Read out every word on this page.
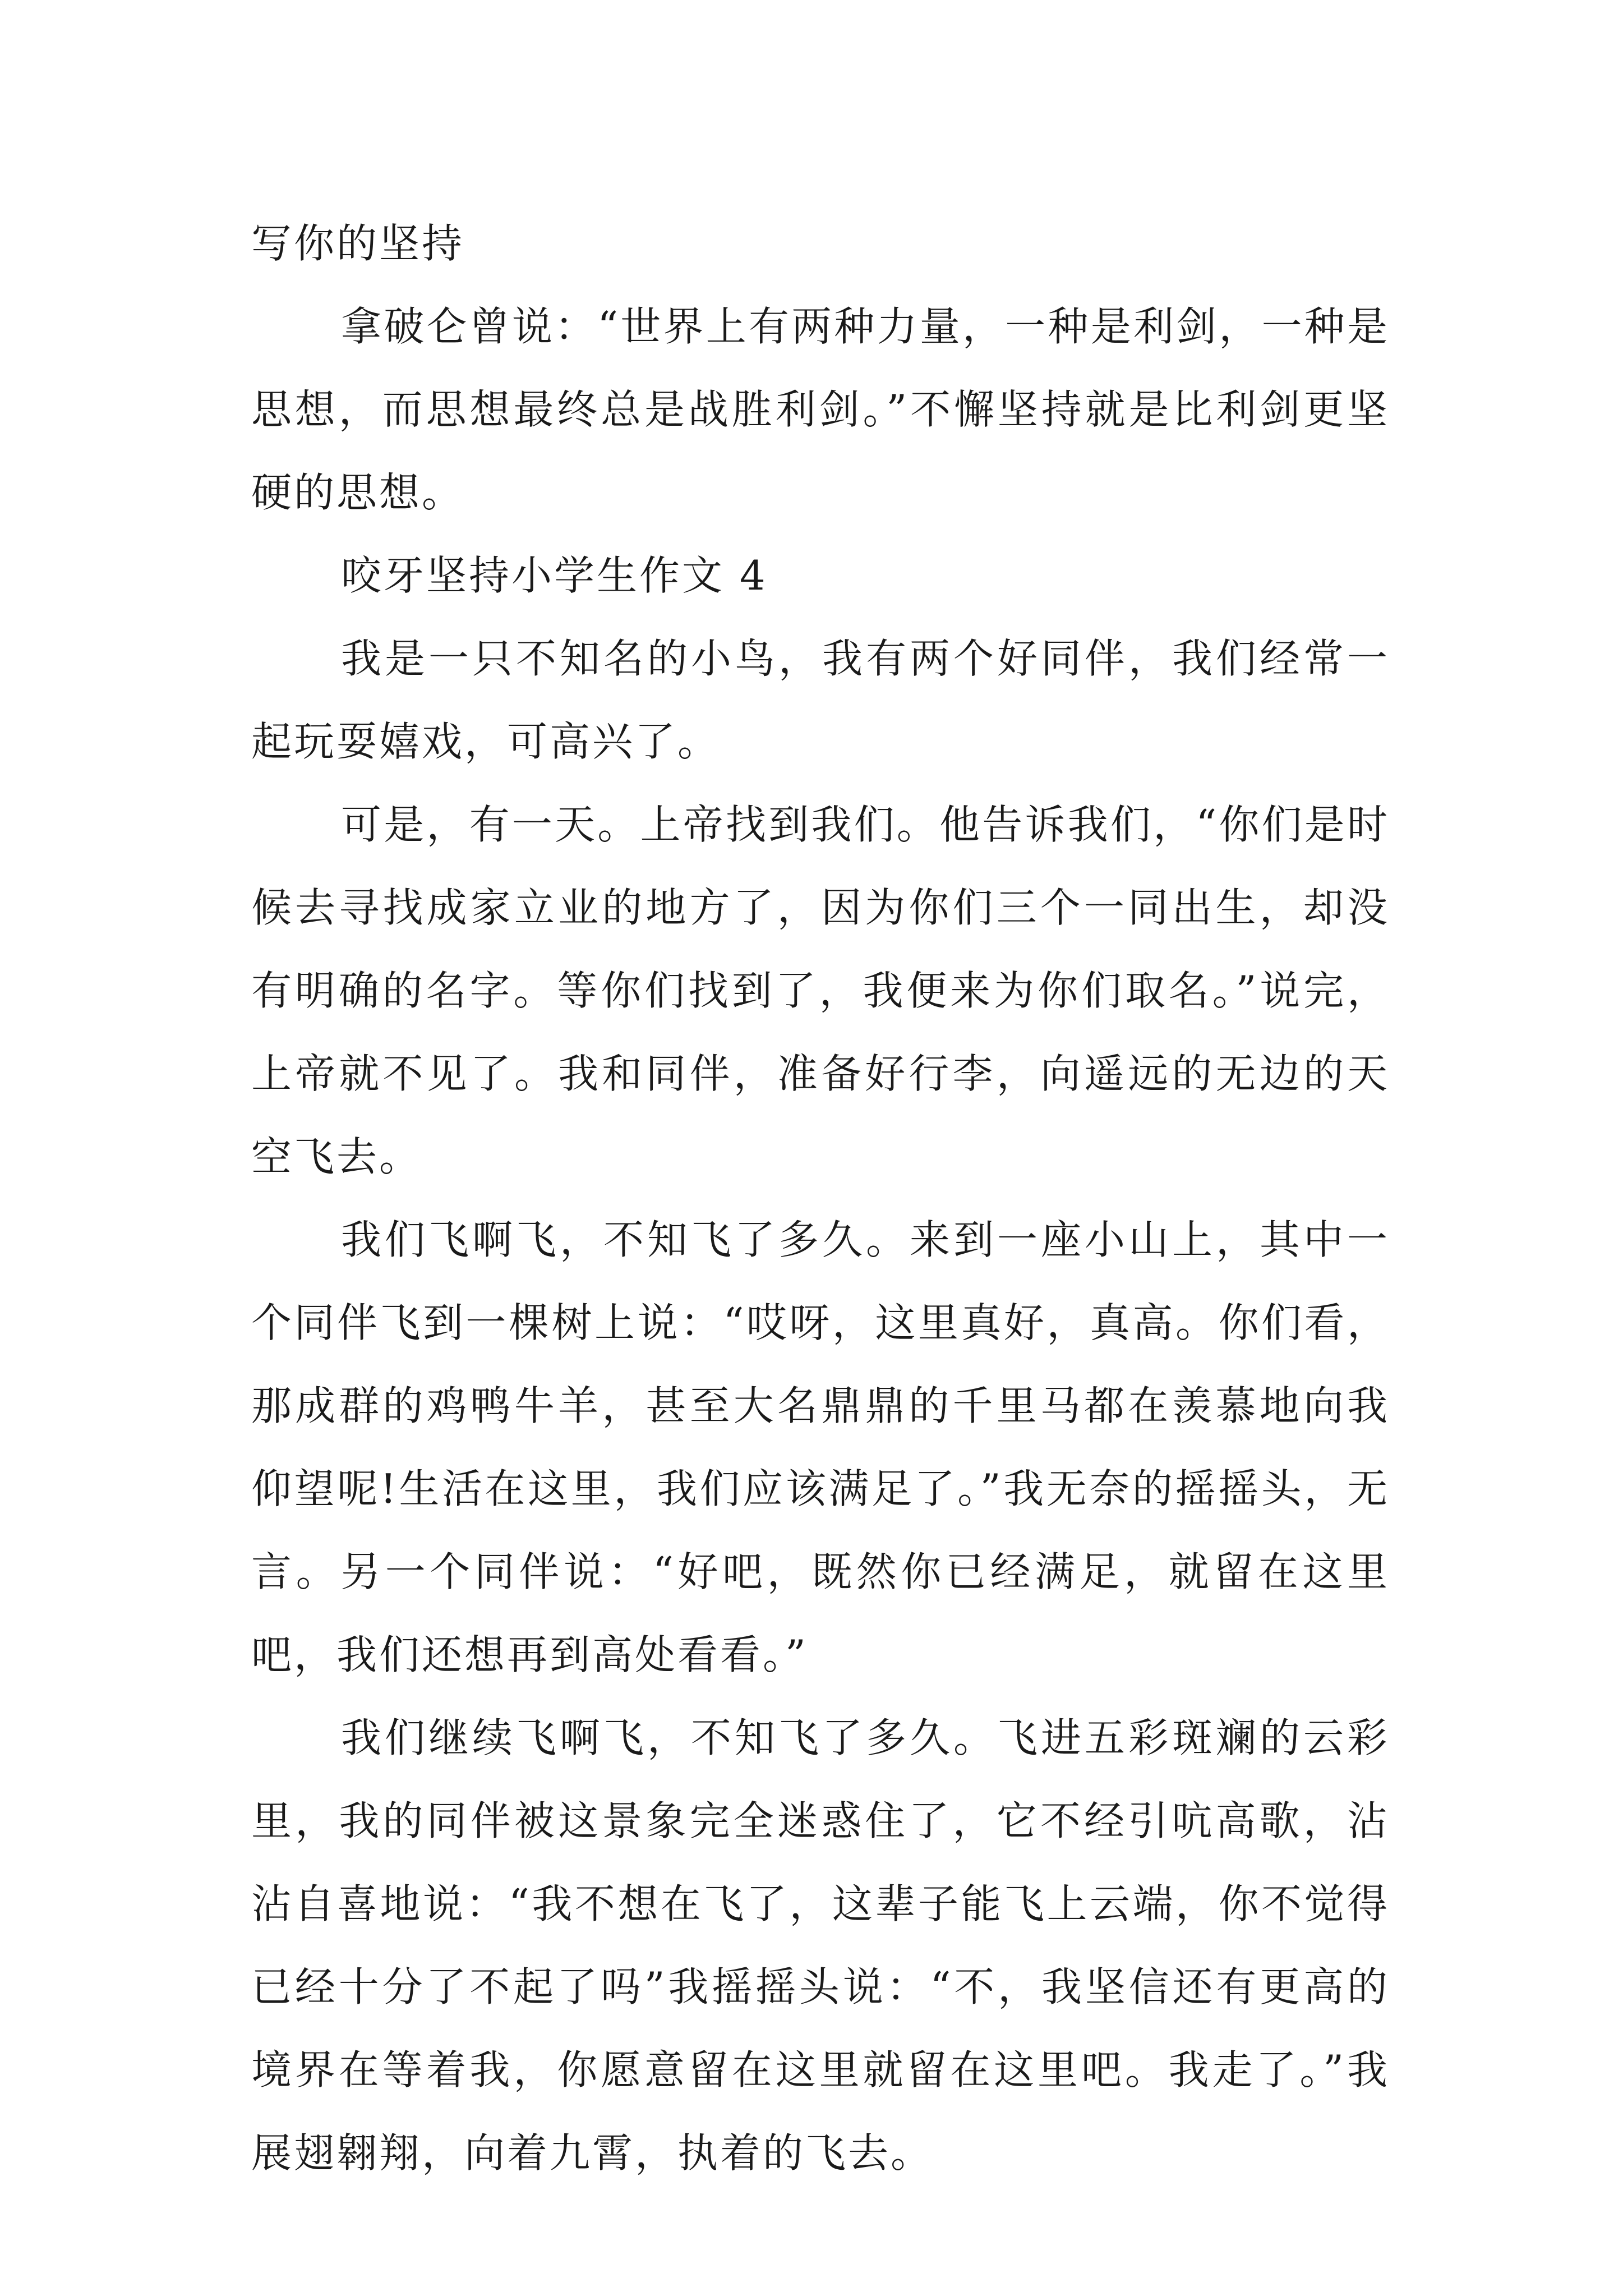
写你的坚持

拿破仑曾说：“世界上有两种力量，一种是利剑，一种是思想，而思想最终总是战胜利剑。”不懈坚持就是比利剑更坚硬的思想。

咬牙坚持小学生作文 4

我是一只不知名的小鸟，我有两个好同伴，我们经常一起玩耍嬉戏，可高兴了。

可是，有一天。上帝找到我们。他告诉我们，“你们是时候去寻找成家立业的地方了，因为你们三个一同出生，却没有明确的名字。等你们找到了，我便来为你们取名。”说完，上帝就不见了。我和同伴，准备好行李，向遥远的无边的天空飞去。

我们飞啊飞，不知飞了多久。来到一座小山上，其中一个同伴飞到一棵树上说：“哎呀，这里真好，真高。你们看，那成群的鸡鸭牛羊，甚至大名鼎鼎的千里马都在羡慕地向我仰望呢!生活在这里，我们应该满足了。”我无奈的摇摇头，无言。另一个同伴说：“好吧，既然你已经满足，就留在这里吧，我们还想再到高处看看。”

我们继续飞啊飞，不知飞了多久。飞进五彩斑斓的云彩里，我的同伴被这景象完全迷惑住了，它不经引吭高歌，沾沾自喜地说：“我不想在飞了，这辈子能飞上云端，你不觉得已经十分了不起了吗”我摇摇头说：“不，我坚信还有更高的境界在等着我，你愿意留在这里就留在这里吧。我走了。”我展翅翱翔，向着九霄，执着的飞去。
